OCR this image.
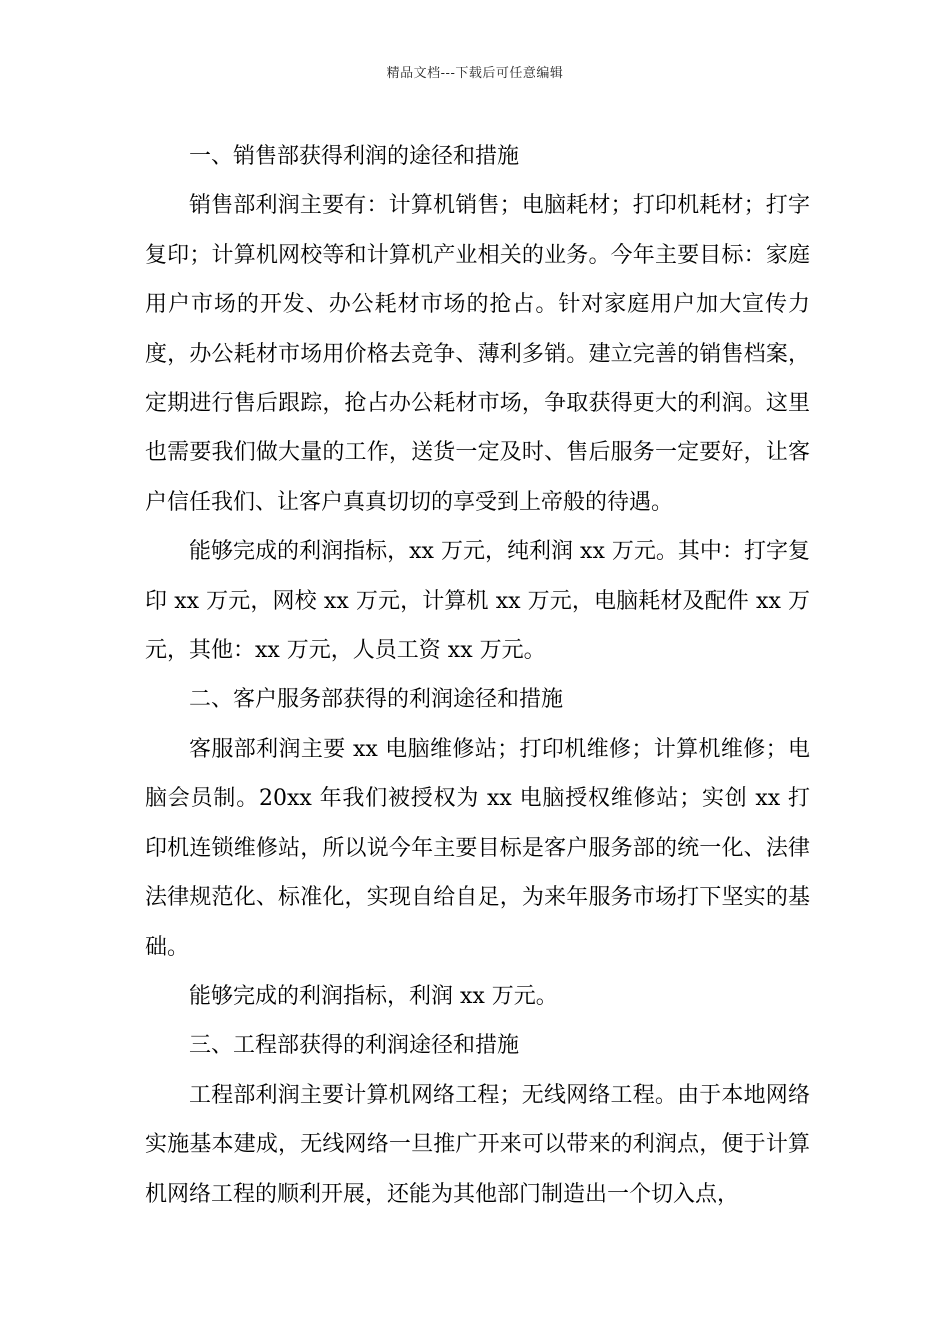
精品文档---下载后可任意编辑

一、销售部获得利润的途径和措施

销售部利润主要有：计算机销售；电脑耗材；打印机耗材；打字复印；计算机网校等和计算机产业相关的业务。今年主要目标：家庭用户市场的开发、办公耗材市场的抢占。针对家庭用户加大宣传力度，办公耗材市场用价格去竞争、薄利多销。建立完善的销售档案，定期进行售后跟踪，抢占办公耗材市场，争取获得更大的利润。这里也需要我们做大量的工作，送货一定及时、售后服务一定要好，让客户信任我们、让客户真真切切的享受到上帝般的待遇。

能够完成的利润指标，xx 万元，纯利润 xx 万元。其中：打字复印 xx 万元，网校 xx 万元，计算机 xx 万元，电脑耗材及配件 xx 万元，其他：xx 万元，人员工资 xx 万元。

二、客户服务部获得的利润途径和措施

客服部利润主要 xx 电脑维修站；打印机维修；计算机维修；电脑会员制。20xx 年我们被授权为 xx 电脑授权维修站；实创 xx 打印机连锁维修站，所以说今年主要目标是客户服务部的统一化、法律法律规范化、标准化，实现自给自足，为来年服务市场打下坚实的基础。

能够完成的利润指标，利润 xx 万元。

三、工程部获得的利润途径和措施

工程部利润主要计算机网络工程；无线网络工程。由于本地网络实施基本建成，无线网络一旦推广开来可以带来的利润点，便于计算机网络工程的顺利开展，还能为其他部门制造出一个切入点，
